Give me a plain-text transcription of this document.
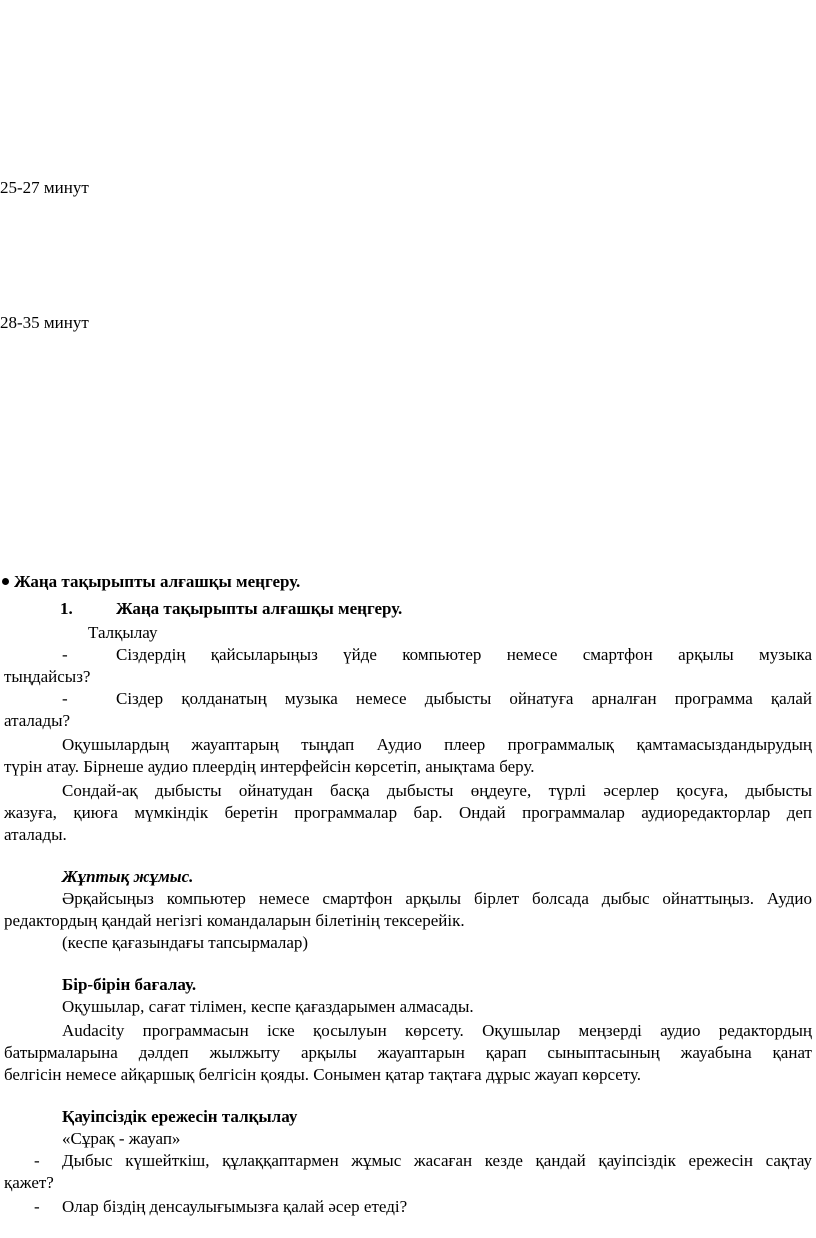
25-27 минут
28-35 минут
Жаңа тақырыпты алғашқы меңгеру.
1.	Жаңа тақырыпты алғашқы меңгеру.
Талқылау
-	Сіздердің қайсыларыңыз үйде компьютер немесе смартфон арқылы музыка
тыңдайсыз?
-	Сіздер қолданатың музыка немесе дыбысты ойнатуға арналған программа қалай
аталады?
Оқушылардың жауаптарың тыңдап Аудио плеер программалық қамтамасыздандырудың
түрін атау. Бірнеше аудио плеердің интерфейсін көрсетіп, анықтама беру.
Сондай-ақ дыбысты ойнатудан басқа дыбысты өңдеуге, түрлі әсерлер қосуға, дыбысты
жазуға, қиюға мүмкіндік беретін программалар бар. Ондай программалар аудиоредакторлар деп
аталады.
Жұптық жұмыс.
Әрқайсыңыз компьютер немесе смартфон арқылы бірлет болсада дыбыс ойнаттыңыз. Аудио
редактордың қандай негізгі командаларын білетінің тексерейік.
(кеспе қағазындағы тапсырмалар)
Бір-бірін бағалау.
Оқушылар, сағат тілімен, кеспе қағаздарымен алмасады.
Audacity программасын іске қосылуын көрсету. Оқушылар меңзерді аудио редактордың
батырмаларына дәлдеп жылжыту арқылы жауаптарын қарап сыныптасының жауабына қанат
белгісін немесе айқаршық белгісін қояды. Сонымен қатар тақтаға дұрыс жауап көрсету.
Қауіпсіздік ережесін талқылау
«Сұрақ - жауап»
- Дыбыс күшейткіш, құлаққаптармен жұмыс жасаған кезде қандай қауіпсіздік ережесін сақтау
қажет?
- Олар біздің денсаулығымызға қалай әсер етеді?
